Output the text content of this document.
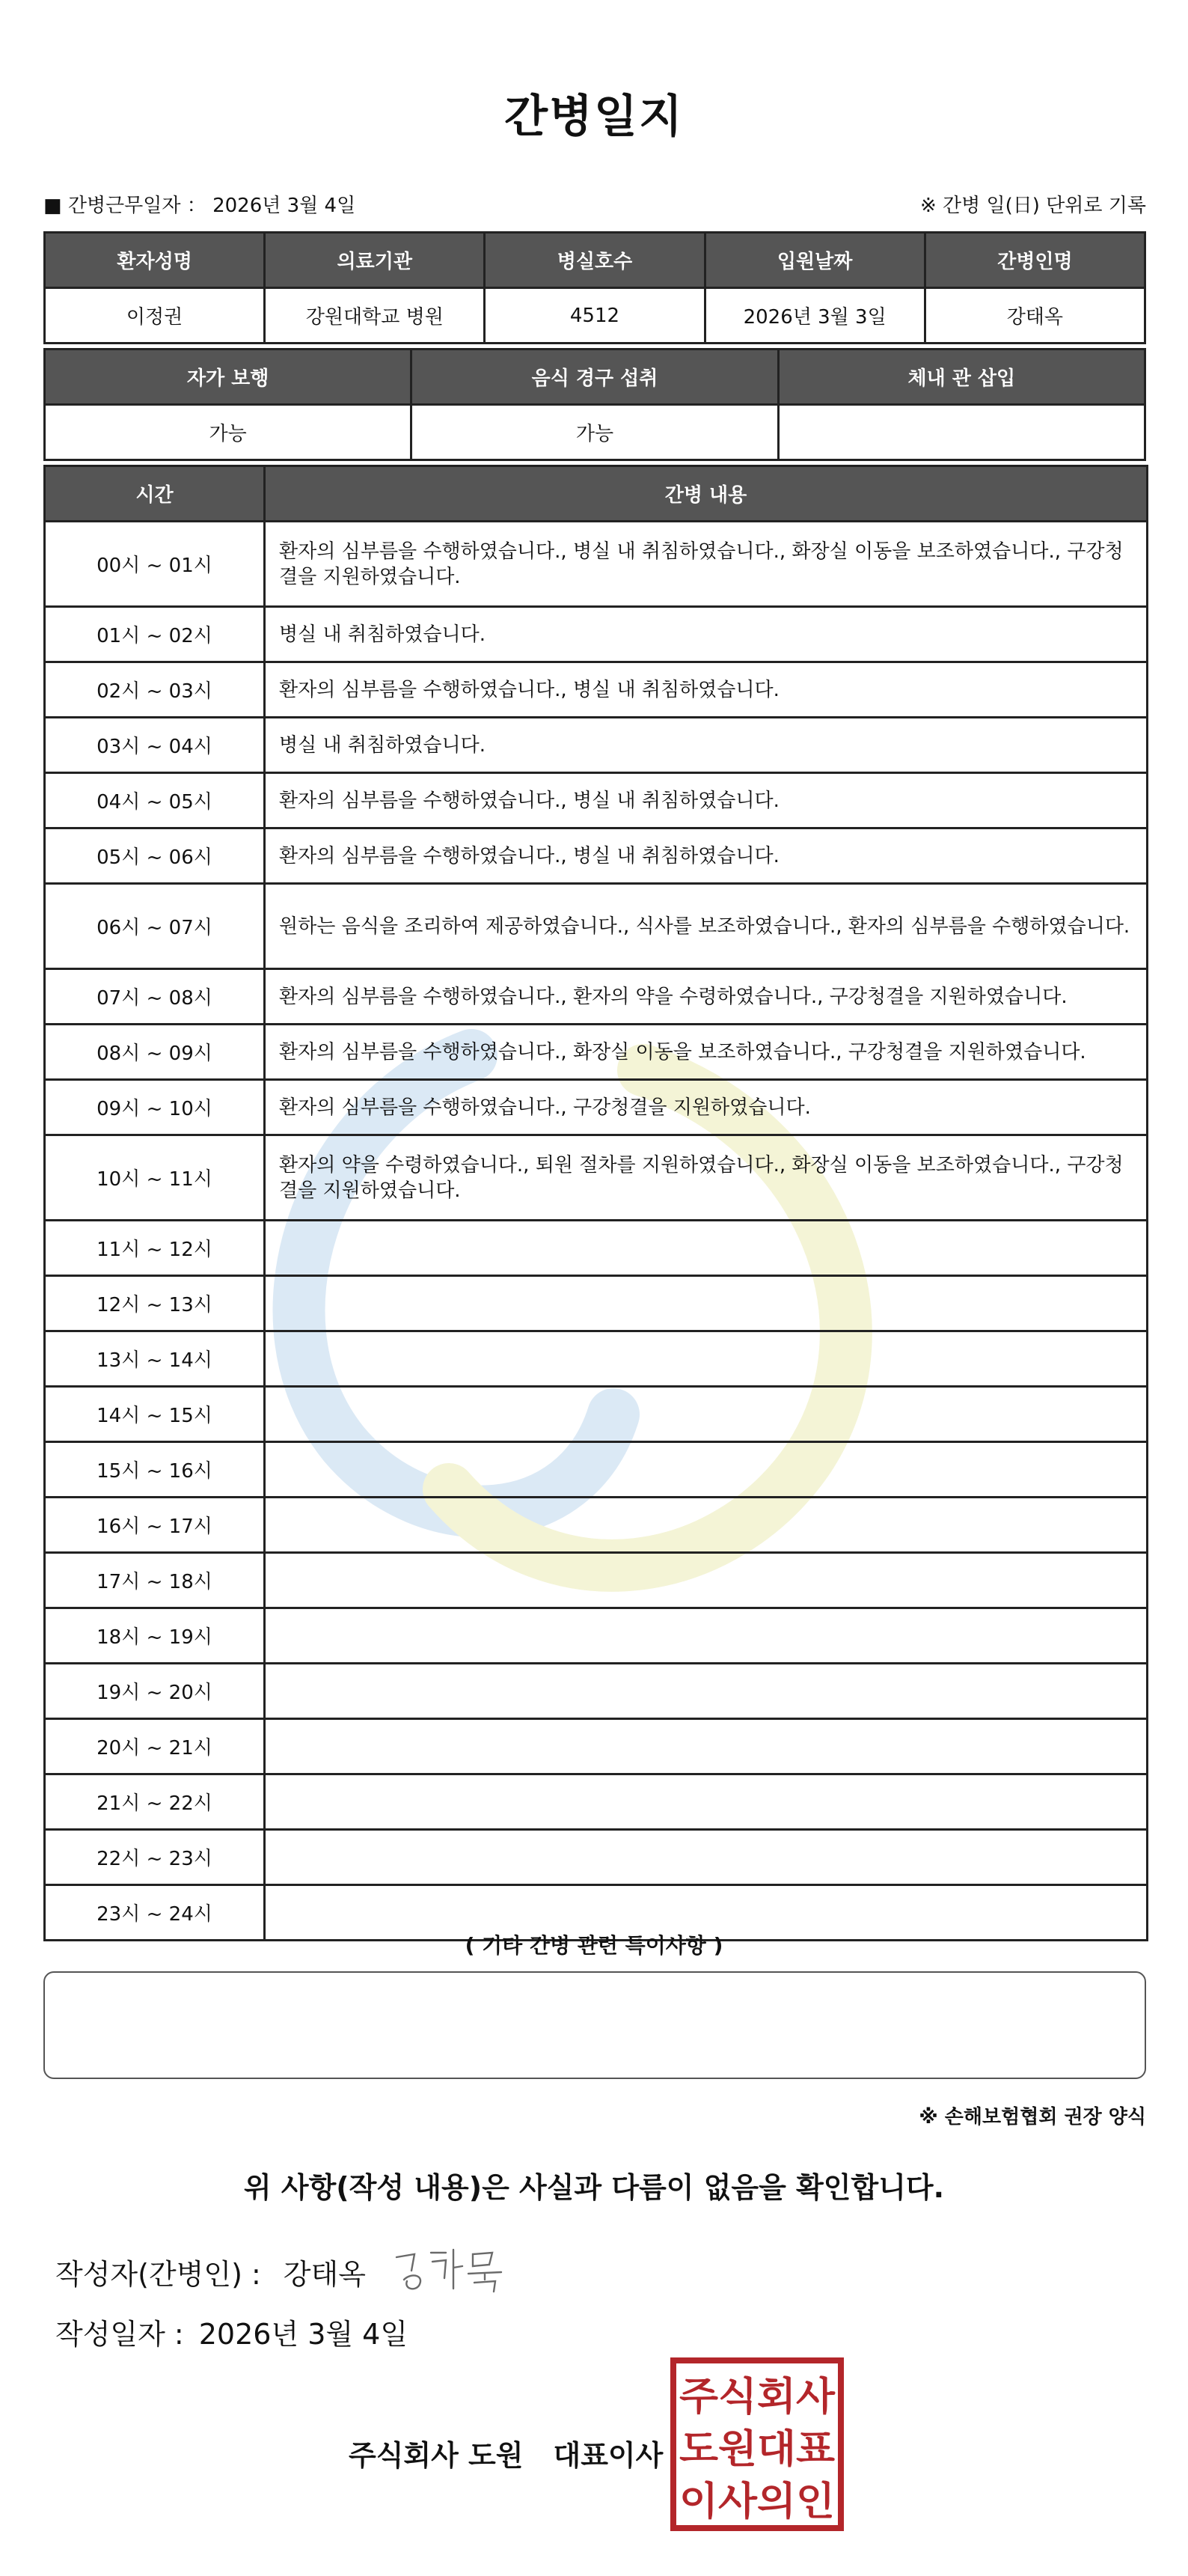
간병일지
■ 간병근무일자 ： 2026년 3월 4일	※ 간병 일(日) 단위로 기록
환자성명	의료기관	병실호수	입원날짜	간병인명
이정권	강원대학교 병원	4512	2026년 3월 3일	강태옥
자가 보행	음식 경구 섭취	체내 관 삽입
가능	가능	
시간	간병 내용
00시 ~ 01시	환자의 심부름을 수행하였습니다., 병실 내 취침하였습니다., 화장실 이동을 보조하였습니다., 구강청결을 지원하였습니다.
01시 ~ 02시	병실 내 취침하였습니다.
02시 ~ 03시	환자의 심부름을 수행하였습니다., 병실 내 취침하였습니다.
03시 ~ 04시	병실 내 취침하였습니다.
04시 ~ 05시	환자의 심부름을 수행하였습니다., 병실 내 취침하였습니다.
05시 ~ 06시	환자의 심부름을 수행하였습니다., 병실 내 취침하였습니다.
06시 ~ 07시	원하는 음식을 조리하여 제공하였습니다., 식사를 보조하였습니다., 환자의 심부름을 수행하였습니다.
07시 ~ 08시	환자의 심부름을 수행하였습니다., 환자의 약을 수령하였습니다., 구강청결을 지원하였습니다.
08시 ~ 09시	환자의 심부름을 수행하였습니다., 화장실 이동을 보조하였습니다., 구강청결을 지원하였습니다.
09시 ~ 10시	환자의 심부름을 수행하였습니다., 구강청결을 지원하였습니다.
10시 ~ 11시	환자의 약을 수령하였습니다., 퇴원 절차를 지원하였습니다., 화장실 이동을 보조하였습니다., 구강청결을 지원하였습니다.
11시 ~ 12시	
12시 ~ 13시	
13시 ~ 14시	
14시 ~ 15시	
15시 ~ 16시	
16시 ~ 17시	
17시 ~ 18시	
18시 ~ 19시	
19시 ~ 20시	
20시 ~ 21시	
21시 ~ 22시	
22시 ~ 23시	
23시 ~ 24시	
( 기타 간병 관련 특이사항 )
※ 손해보험협회 권장 양식
위 사항(작성 내용)은 사실과 다름이 없음을 확인합니다.
작성자(간병인) : 강태옥
작성일자 : 2026년 3월 4일
주식회사 도원 대표이사
주식회사
도원대표
이사의인
